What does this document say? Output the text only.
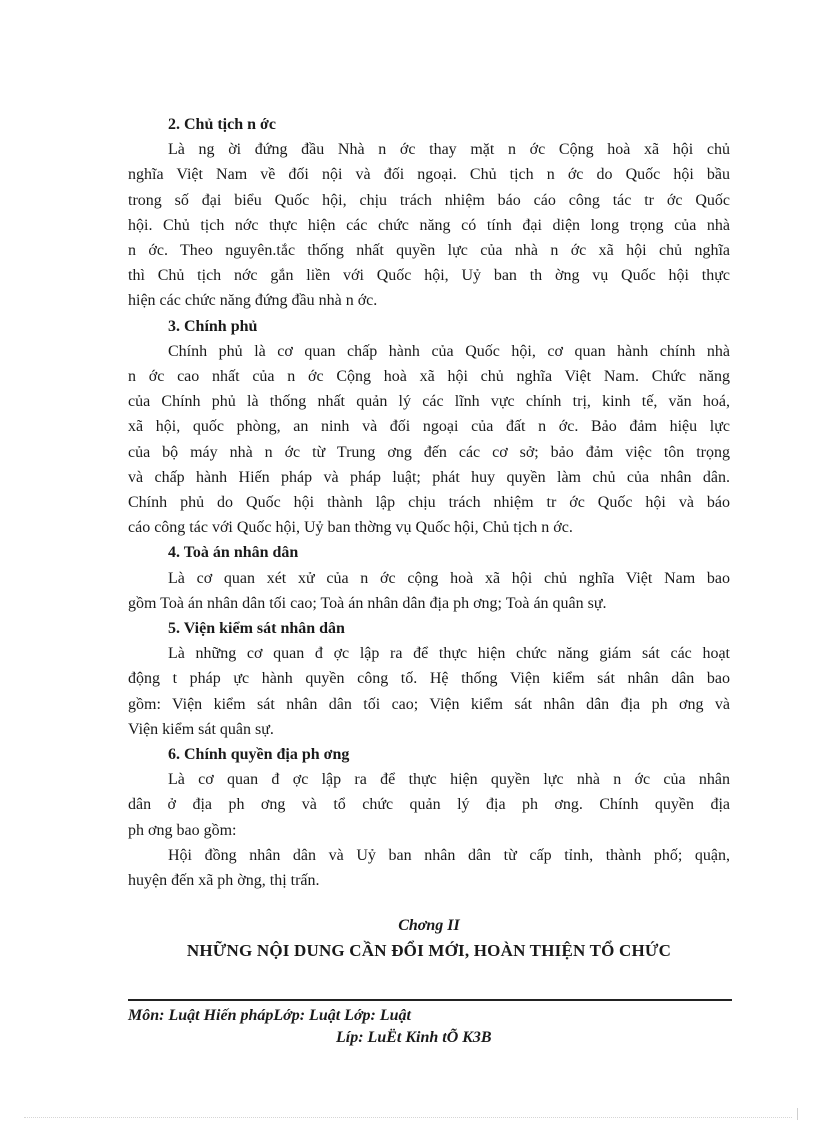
2. Chủ tịch n ớc
Là ng ời đứng đầu Nhà n ớc thay mặt n ớc Cộng hoà xã hội chủ
nghĩa Việt Nam về đối nội và đối ngoại. Chủ tịch n ớc do Quốc hội bầu
trong số đại biểu Quốc hội, chịu trách nhiệm báo cáo công tác tr ớc Quốc
hội. Chủ tịch nớc thực hiện các chức năng có tính đại diện long trọng của nhà
n ớc. Theo nguyên.tắc thống nhất quyền lực của nhà n ớc xã hội chủ nghĩa
thì Chủ tịch nớc gắn liền với Quốc hội, Uỷ ban th ờng vụ Quốc hội thực
hiện các chức năng đứng đầu nhà n ớc.
3. Chính phủ
Chính phủ là cơ quan chấp hành của Quốc hội, cơ quan hành chính nhà
n ớc cao nhất của n ớc Cộng hoà xã hội chủ nghĩa Việt Nam. Chức năng
của Chính phủ là thống nhất quản lý các lĩnh vực chính trị, kinh tế, văn hoá,
xã hội, quốc phòng, an ninh và đối ngoại của đất n ớc. Bảo đảm hiệu lực
của bộ máy nhà n ớc từ Trung ơng đến các cơ sở; bảo đảm việc tôn trọng
và chấp hành Hiến pháp và pháp luật; phát huy quyền làm chủ của nhân dân.
Chính phủ do Quốc hội thành lập chịu trách nhiệm tr ớc Quốc hội và báo
cáo công tác với Quốc hội, Uỷ ban thờng vụ Quốc hội, Chủ tịch n ớc.
4. Toà án nhân dân
Là cơ quan xét xử của n ớc cộng hoà xã hội chủ nghĩa Việt Nam bao
gồm Toà án nhân dân tối cao; Toà án nhân dân địa ph ơng; Toà án quân sự.
5. Viện kiểm sát nhân dân
Là những cơ quan đ ợc lập ra để thực hiện chức năng giám sát các hoạt
động t pháp ực hành quyền công tố. Hệ thống Viện kiểm sát nhân dân bao
gồm: Viện kiểm sát nhân dân tối cao; Viện kiểm sát nhân dân địa ph ơng và
Viện kiểm sát quân sự.
6. Chính quyền địa ph ơng
Là cơ quan đ ợc lập ra để thực hiện quyền lực nhà n ớc của nhân
dân ở địa ph ơng và tổ chức quản lý địa ph ơng. Chính quyền địa
ph ơng bao gồm:
Hội đồng nhân dân và Uỷ ban nhân dân từ cấp tỉnh, thành phố; quận,
huyện đến xã ph ờng, thị trấn.
Chơng II
NHỮNG NỘI DUNG CẦN ĐỔI MỚI, HOÀN THIỆN TỔ CHỨC
Môn: Luật Hiến phápLớp: Luật Lớp: Luật
Líp: LuËt Kinh tÕ K3B
